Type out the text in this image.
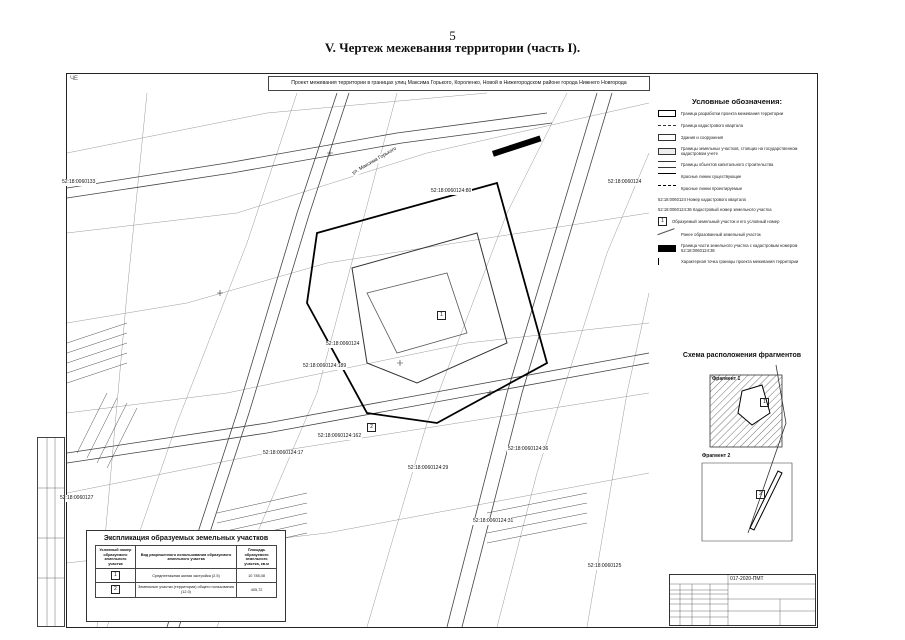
5
V. Чертеж межевания территории (часть I).
ЧЕ
Проект межевания территории в границах улиц Максима Горького, Короленко, Новой в Нижегородском районе города Нижнего Новгорода
ул. Максима Горького
52:18:0060133
52:18:0060124
52:18:0060124:80
52:18:0060124:189
52:18:0060124:162
52:18:0060124:17
52:18:0060124:29
52:18:0060124:31
52:18:0060124:36
52:18:0060127
52:18:0060125
52:18:0060124
1
2
Условные обозначения:
Граница разработки проекта межевания территории
Граница кадастрового квартала
Здания и сооружения
Границы земельных участков, стоящих на государственном кадастровом учете
Границы объектов капитального строительства
Красные линии существующие
Красные линии проектируемые
52:18:0060124 Номер кадастрового квартала
52:18:0060124:36 Кадастровый номер земельного участка
1	Образуемый земельный участок и его условный номер
Ранее образованный земельный участок
Граница части земельного участка с кадастровым номером 52:18:0060124:36
Характерная точка границы проекта межевания территории
Схема расположения фрагментов
Фрагмент 1
Фрагмент 2
1
2
Экспликация образуемых земельных участков
Условный номер образуемого земельного участка	Вид разрешенного использования образуемого земельного участка	Площадь образуемого земельного участка, кв.м
1	Среднеэтажная жилая застройка (2.5)	10 785,08
2	Земельные участки (территории) общего пользования (12.0)	405,72
017-2020-ПМТ
